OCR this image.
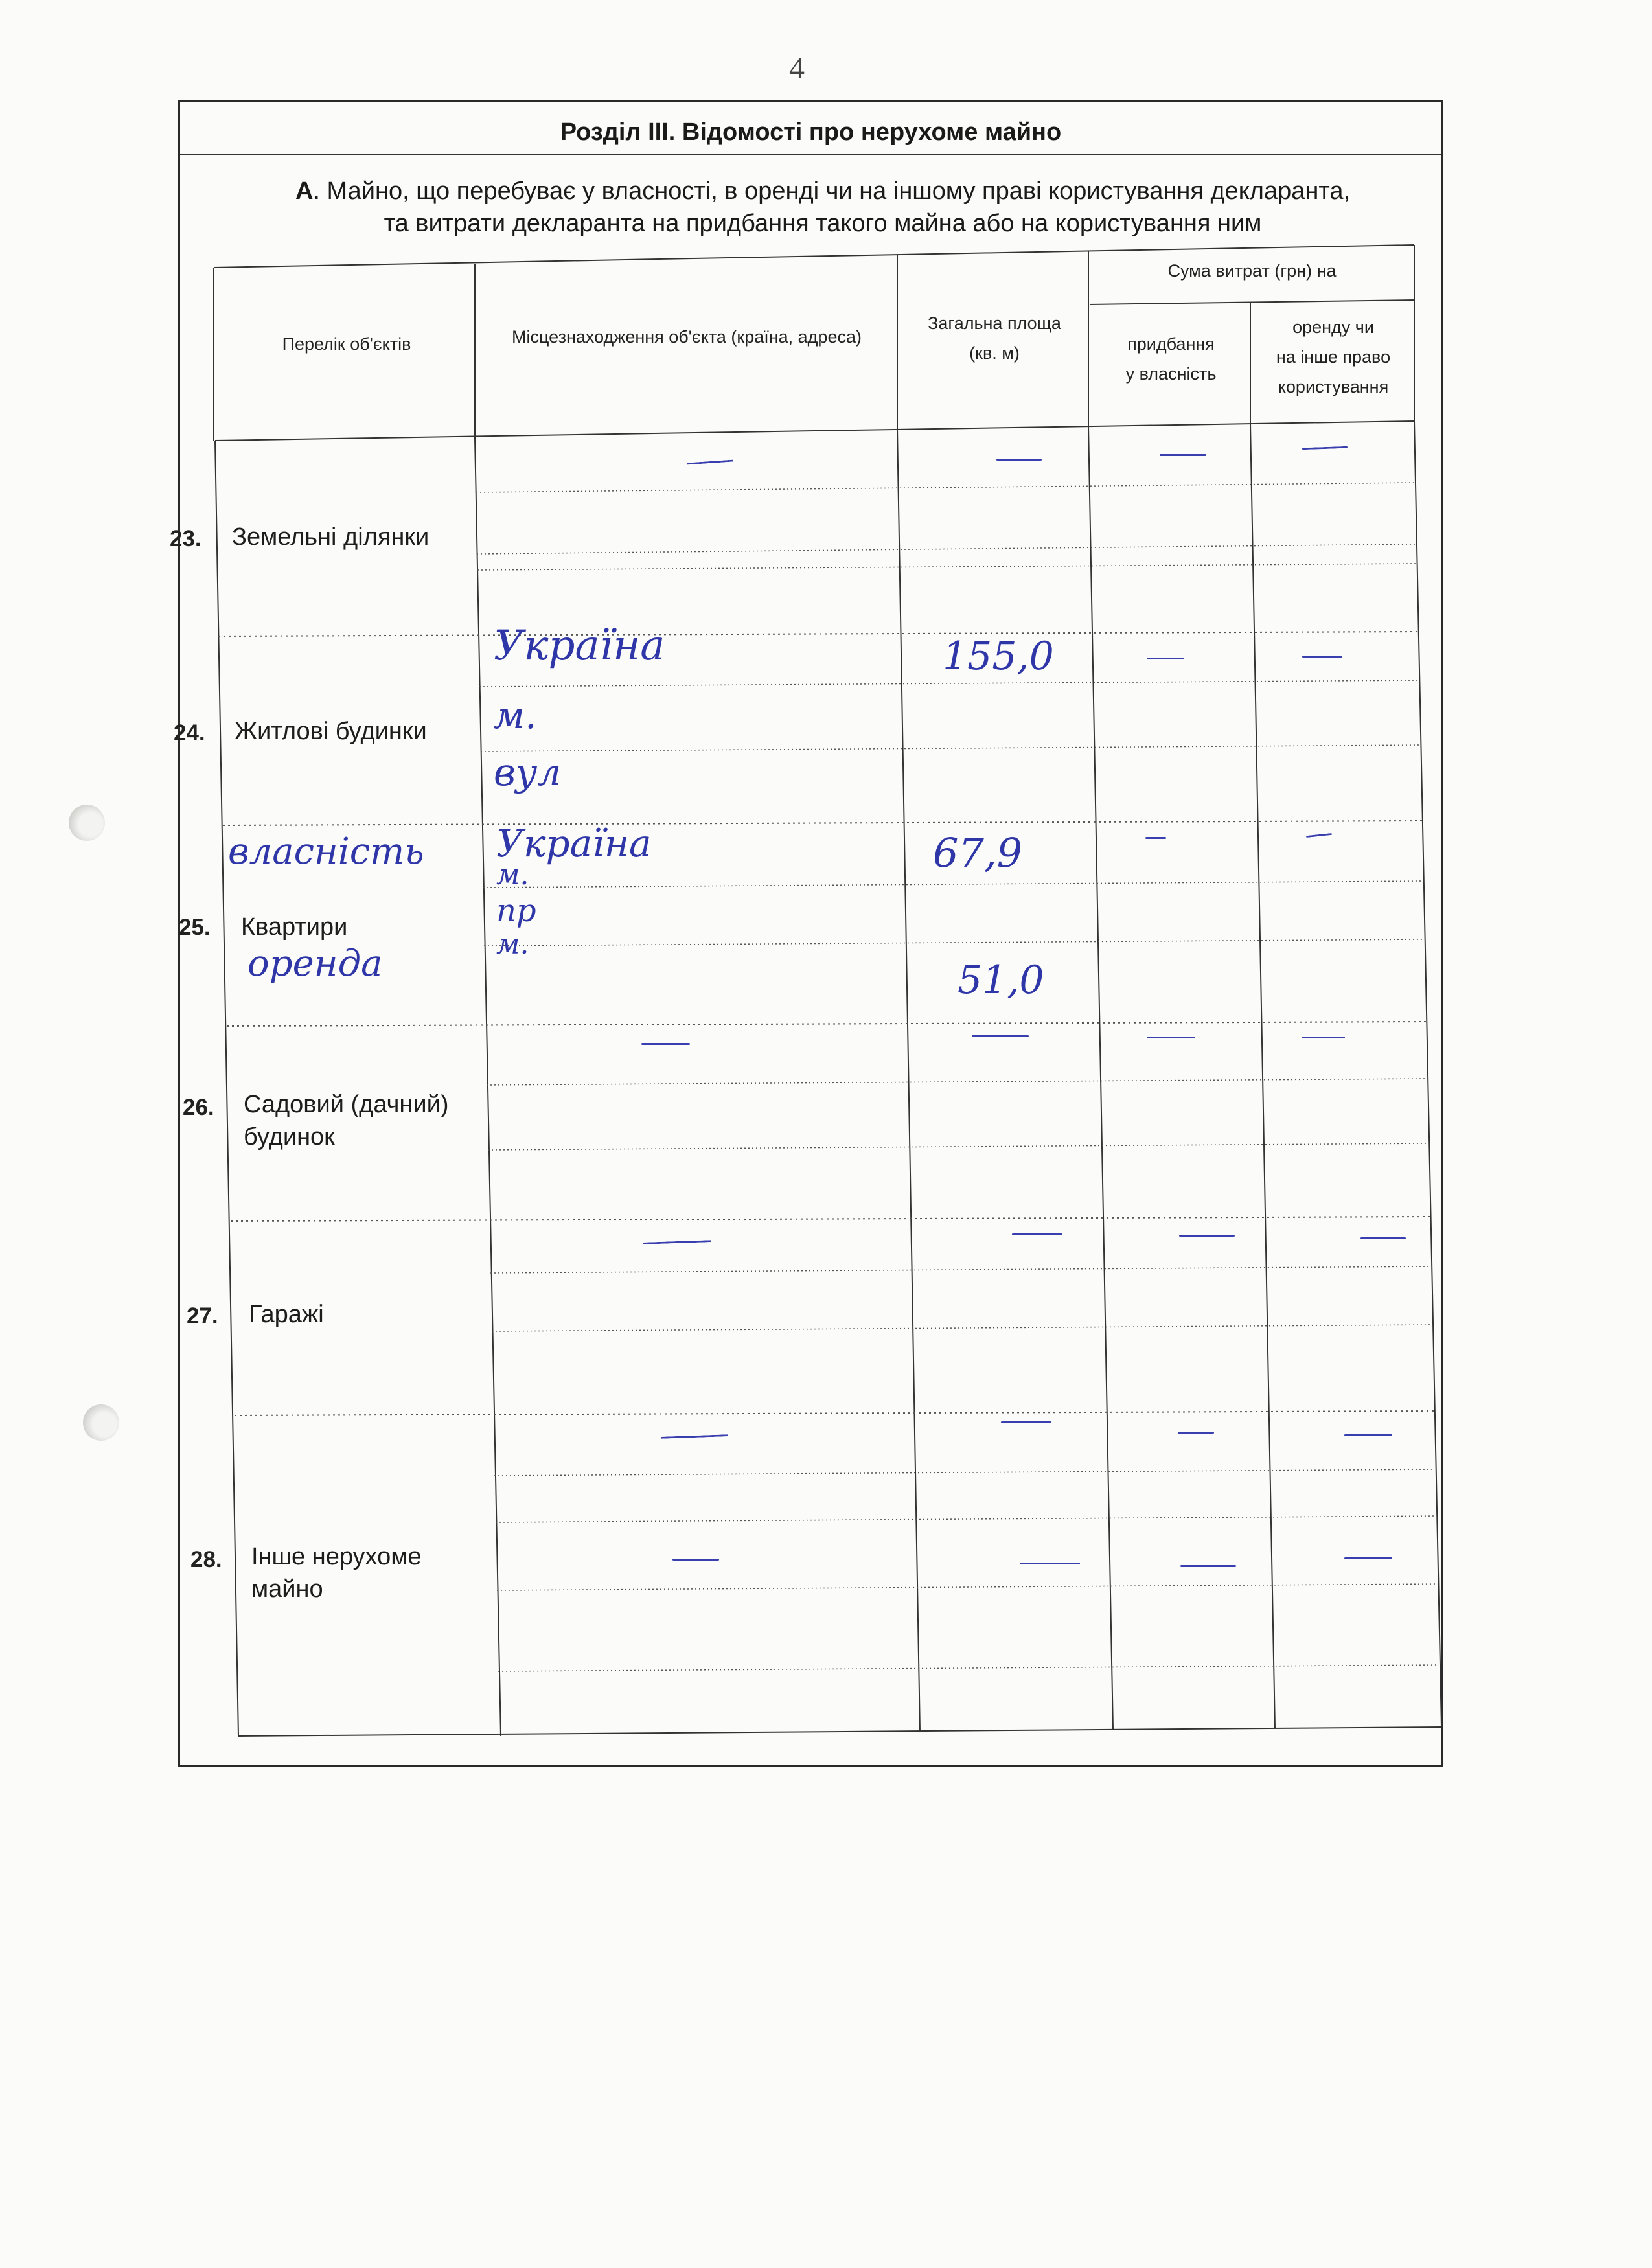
4
Розділ III. Відомості про нерухоме майно
А. Майно, що перебуває у власності, в оренді чи на іншому праві користування декларанта,
та витрати декларанта на придбання такого майна або на користування ним
Перелік об'єктів	Місцезнаходження об'єкта (країна, адреса)
Загальна площа
(кв. м)
Сума витрат (грн) на
придбання
у власність
оренду чи
на інше право
користування
23. Земельні ділянки
24. Житлові будинки
25. Квартири
26. Садовий (дачний) будинок
27. Гаражі
28. Інше нерухоме майно
Україна
м.
вул
155,0
власність Україна
м.
пр
м.
67,9
оренда	51,0
